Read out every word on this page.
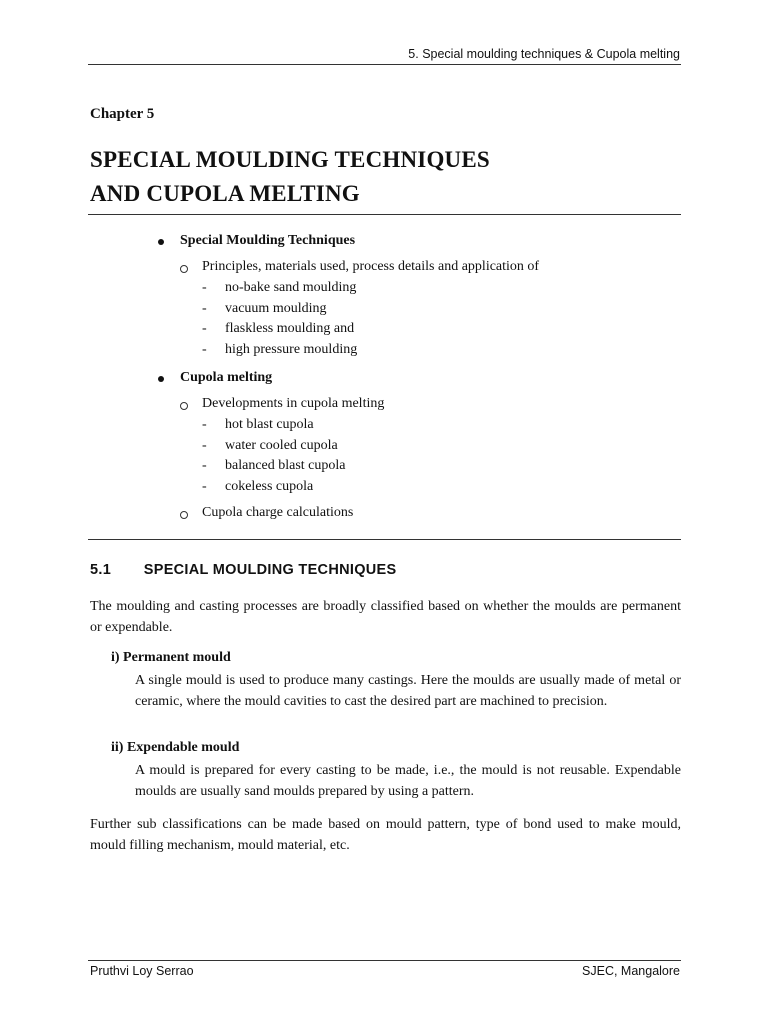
5. Special moulding techniques & Cupola melting
Chapter 5
SPECIAL MOULDING TECHNIQUES
AND CUPOLA MELTING
Special Moulding Techniques
Principles, materials used, process details and application of
- no-bake sand moulding
- vacuum moulding
- flaskless moulding and
- high pressure moulding
Cupola melting
Developments in cupola melting
- hot blast cupola
- water cooled cupola
- balanced blast cupola
- cokeless cupola
Cupola charge calculations
5.1 SPECIAL MOULDING TECHNIQUES
The moulding and casting processes are broadly classified based on whether the moulds are permanent or expendable.
i) Permanent mould
A single mould is used to produce many castings. Here the moulds are usually made of metal or ceramic, where the mould cavities to cast the desired part are machined to precision.
ii) Expendable mould
A mould is prepared for every casting to be made, i.e., the mould is not reusable. Expendable moulds are usually sand moulds prepared by using a pattern.
Further sub classifications can be made based on mould pattern, type of bond used to make mould, mould filling mechanism, mould material, etc.
Pruthvi Loy Serrao	SJEC, Mangalore
